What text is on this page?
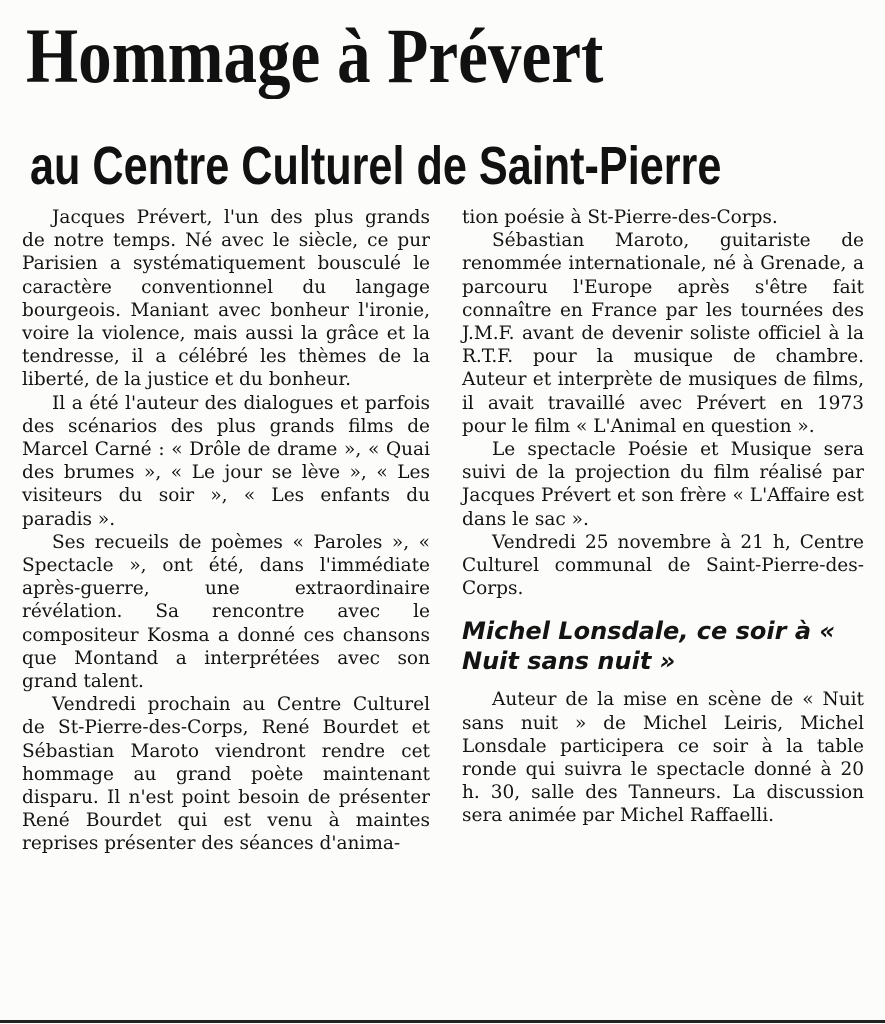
Hommage à Prévert
au Centre Culturel de Saint-Pierre

Jacques Prévert, l'un des plus grands de notre temps. Né avec le siècle, ce pur Parisien a systématiquement bousculé le caractère conventionnel du langage bourgeois. Maniant avec bonheur l'ironie, voire la violence, mais aussi la grâce et la tendresse, il a célébré les thèmes de la liberté, de la justice et du bonheur.

Il a été l'auteur des dialogues et parfois des scénarios des plus grands films de Marcel Carné : « Drôle de drame », « Quai des brumes », « Le jour se lève », « Les visiteurs du soir », « Les enfants du paradis ».

Ses recueils de poèmes « Paroles », « Spectacle », ont été, dans l'immédiate après-guerre, une extraordinaire révélation. Sa rencontre avec le compositeur Kosma a donné ces chansons que Montand a interprétées avec son grand talent.

Vendredi prochain au Centre Culturel de St-Pierre-des-Corps, René Bourdet et Sébastian Maroto viendront rendre cet hommage au grand poète maintenant disparu. Il n'est point besoin de présenter René Bourdet qui est venu à maintes reprises présenter des séances d'anima-

tion poésie à St-Pierre-des-Corps.

Sébastian Maroto, guitariste de renommée internationale, né à Grenade, a parcouru l'Europe après s'être fait connaître en France par les tournées des J.M.F. avant de devenir soliste officiel à la R.T.F. pour la musique de chambre. Auteur et interprète de musiques de films, il avait travaillé avec Prévert en 1973 pour le film « L'Animal en question ».

Le spectacle Poésie et Musique sera suivi de la projection du film réalisé par Jacques Prévert et son frère « L'Affaire est dans le sac ».

Vendredi 25 novembre à 21 h, Centre Culturel communal de Saint-Pierre-des-Corps.

Michel Lonsdale, ce soir à « Nuit sans nuit »

Auteur de la mise en scène de « Nuit sans nuit » de Michel Leiris, Michel Lonsdale participera ce soir à la table ronde qui suivra le spectacle donné à 20 h. 30, salle des Tanneurs. La discussion sera animée par Michel Raffaelli.
